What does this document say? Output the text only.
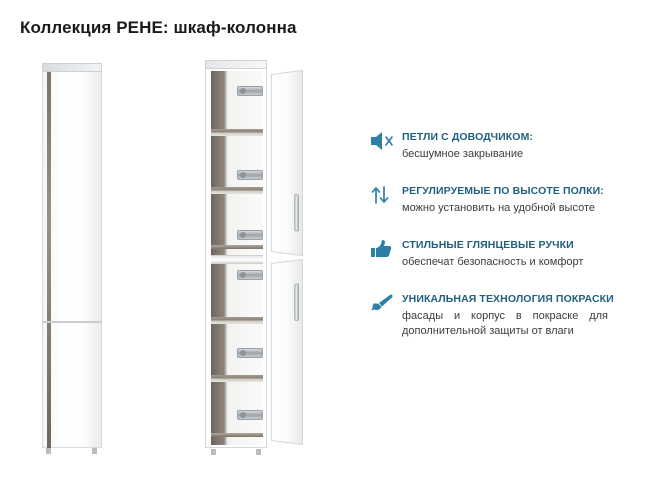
Коллекция РЕНЕ: шкаф-колонна

ПЕТЛИ С ДОВОДЧИКОМ:

бесшумное закрывание

РЕГУЛИРУЕМЫЕ ПО ВЫСОТЕ ПОЛКИ:

можно установить на удобной высоте

СТИЛЬНЫЕ ГЛЯНЦЕВЫЕ РУЧКИ

обеспечат безопасность и комфорт

УНИКАЛЬНАЯ ТЕХНОЛОГИЯ ПОКРАСКИ

фасады и корпус в покраске для дополнительной защиты от влаги
